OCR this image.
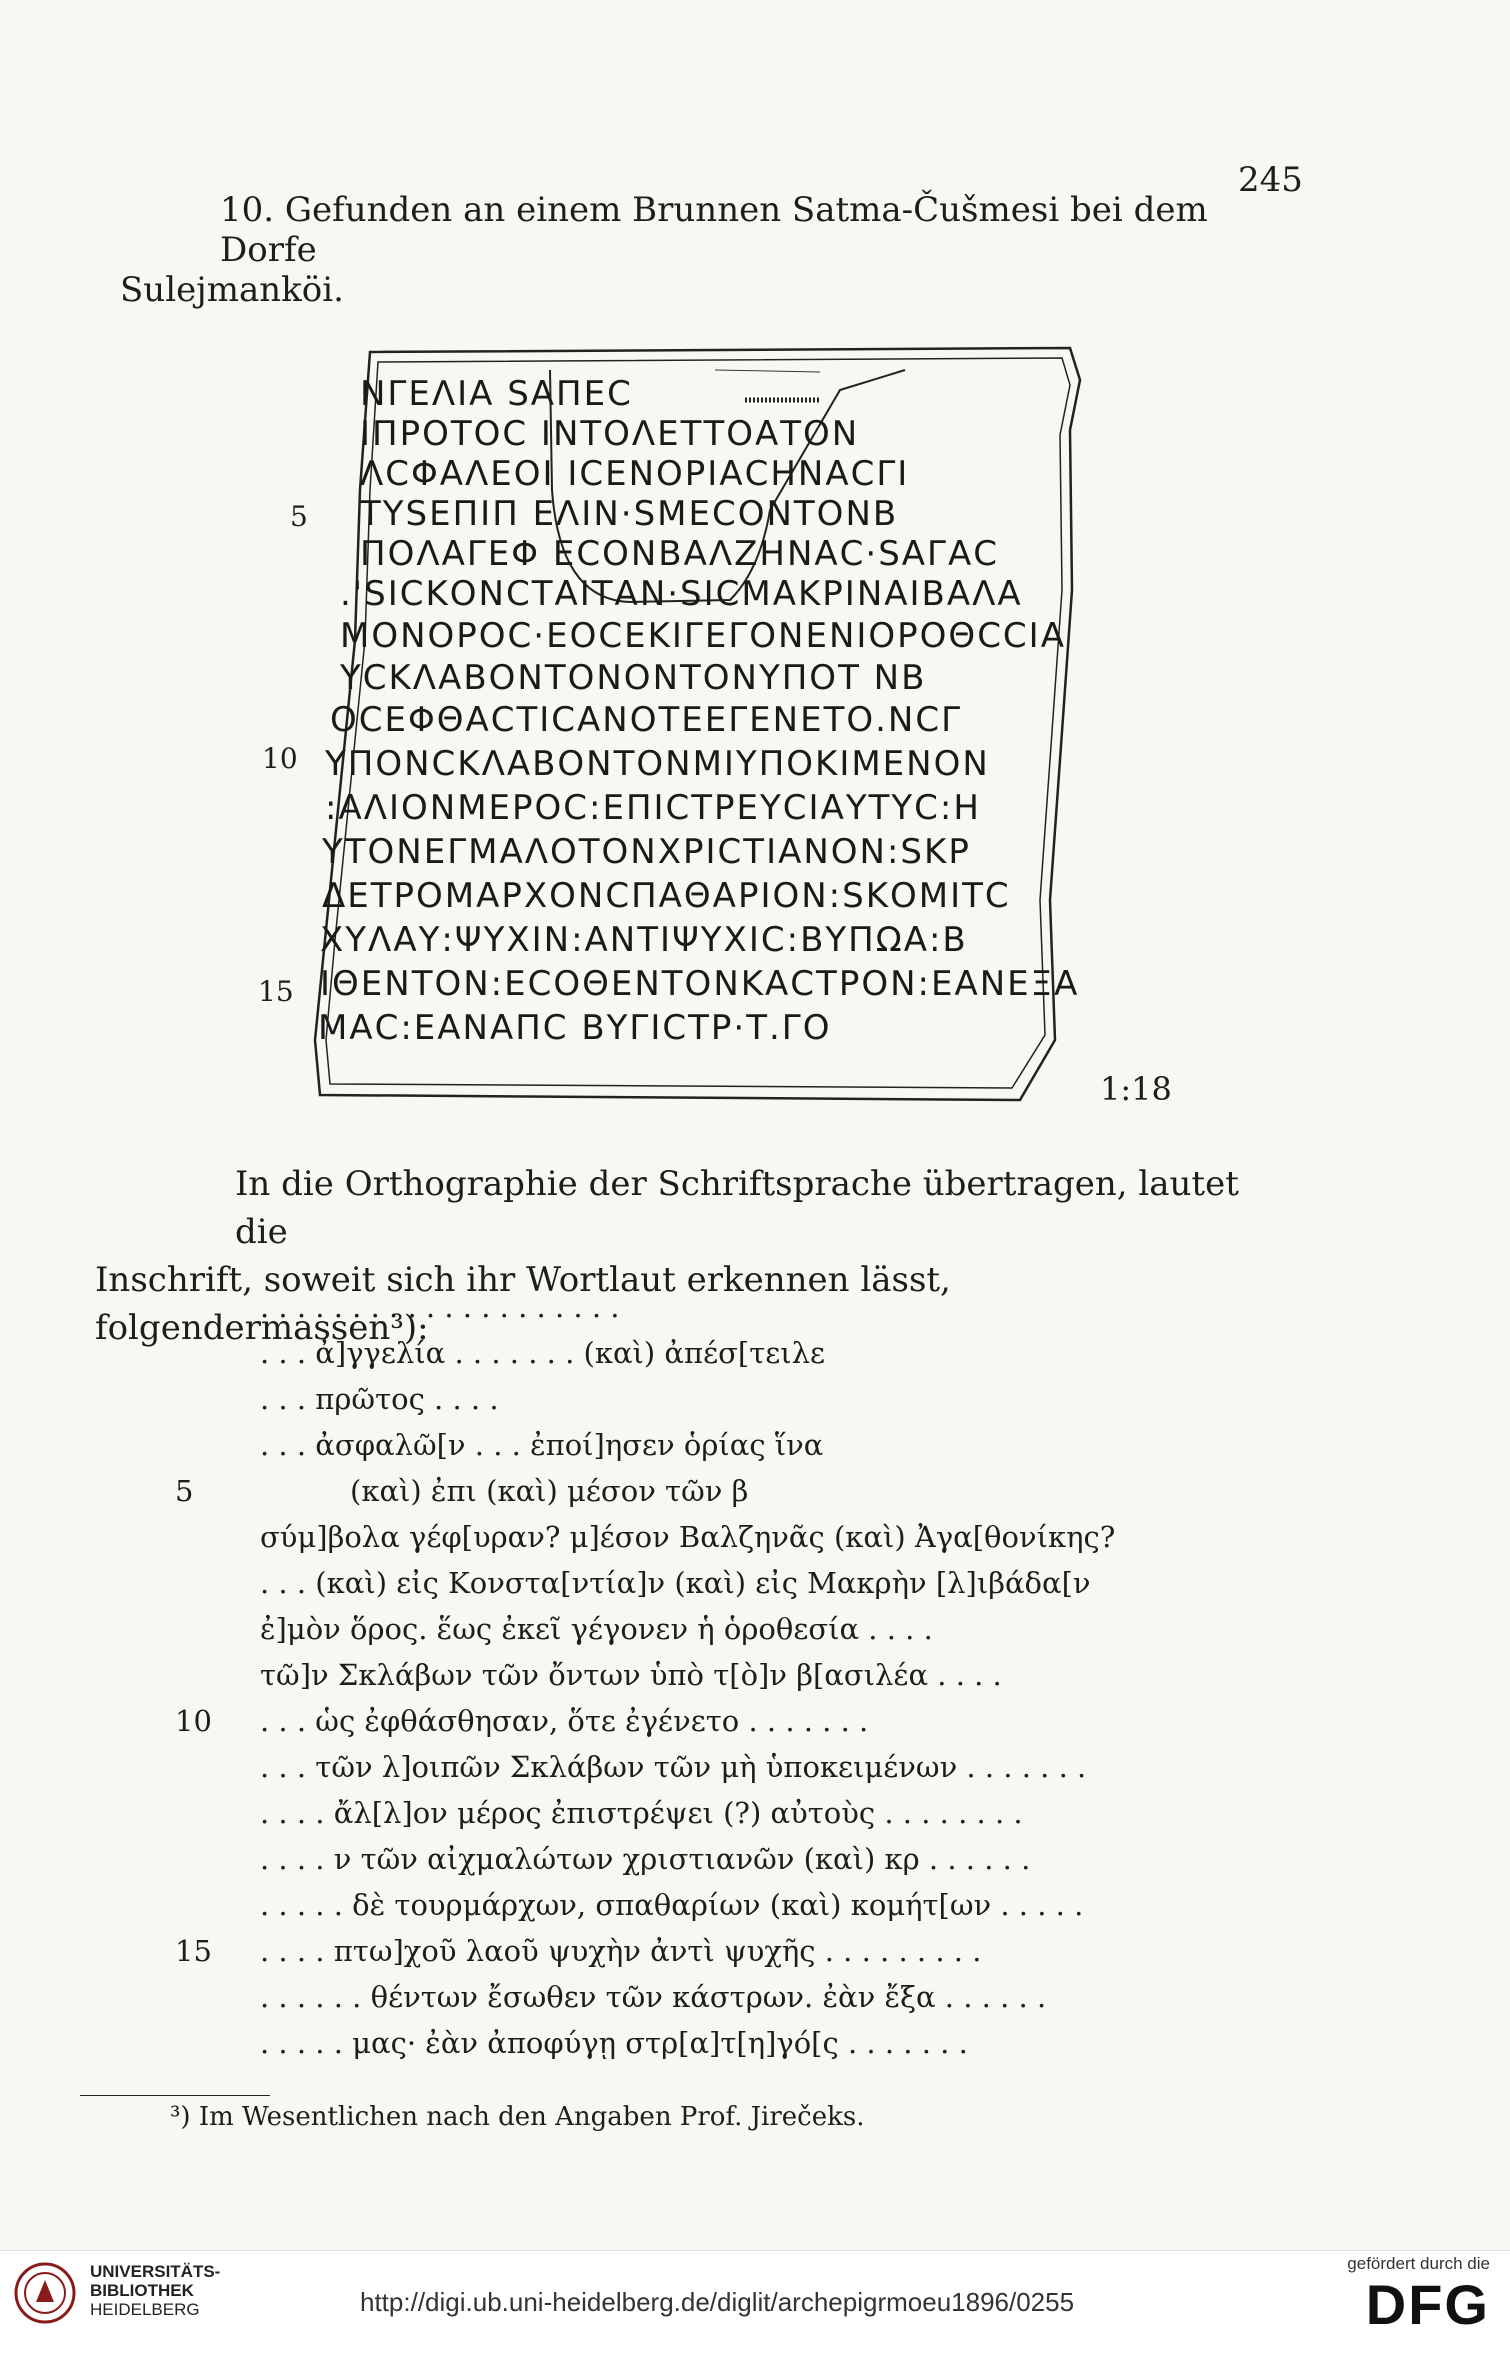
245

10. Gefunden an einem Brunnen Satma-Čušmesi bei dem Dorfe

Sulejmanköi.

5
10
15
ΝΓΕΛΙΑ SΑΠΕC
ΙΠΡΟΤΟC ΙΝΤΟΛΕΤΤΟΑΤΟΝ
ΛCΦΑΛΕΟΙ ΙCΕΝΟΡΙΑCΗΝΑCΓΙ
ΤΥSΕΠΙΠ ΕΛΙΝ·SΜΕCΟΝΤΟΝΒ
ΠΟΛΑΓΕΦ ΕCΟΝΒΑΛΖΗΝΑC·SΑΓΑC
.'SΙCΚΟΝCΤΑΙΤΑΝ·SΙCΜΑΚΡΙΝΑΙΒΑΛΑ
ΜΟΝΟΡΟC·ΕΟCΕΚΙΓΕΓΟΝΕΝΙΟΡΟΘCCΙΑ
ΥCΚΛΑΒΟΝΤΟΝΟΝΤΟΝΥΠΟΤ ΝΒ
ΟCΕΦΘΑCΤΙCΑΝΟΤΕΕΓΕΝΕΤΟ.ΝCΓ
ΥΠΟΝCΚΛΑΒΟΝΤΟΝΜΙΥΠΟΚΙΜΕΝΟΝ
:ΑΛΙΟΝΜΕΡΟC:ΕΠΙCΤΡΕΥCΙΑΥΤΥC:Η
ΥΤΟΝΕΓΜΑΛΟΤΟΝΧΡΙCΤΙΑΝΟΝ:SΚΡ
ΔΕΤΡΟΜΑΡΧΟΝCΠΑΘΑΡΙΟΝ:SΚΟΜΙΤC
ΧΥΛΑΥ:ΨΥΧΙΝ:ΑΝΤΙΨΥΧΙC:ΒΥΠΩΑ:Β
ΙΘΕΝΤΟΝ:ΕCΟΘΕΝΤΟΝΚΑCΤΡΟΝ:ΕΑΝΕΞΑ
ΜΑC:ΕΑΝΑΠC ΒΥΓΙCΤΡ·Τ.ΓΟ
1:18

In die Orthographie der Schriftsprache übertragen, lautet die

Inschrift, soweit sich ihr Wortlaut erkennen lässt, folgendermassen³):

. . . . . . . . . . . . . . . . . . . .
. . . ἀ]γγελία . . . . . . . (καὶ) ἀπέσ[τειλε
. . . πρῶτος . . . .
. . . ἀσφαλῶ[ν . . . ἐποί]ησεν ὁρίας ἵνα
(καὶ) ἐπι (καὶ) μέσον τῶν β
σύμ]βολα γέφ[υραν? μ]έσον Βαλζηνᾶς (καὶ) Ἀγα[θονίκης?
. . . (καὶ) εἰς Κονστα[ντία]ν (καὶ) εἰς Μακρὴν [λ]ιβάδα[ν
ἐ]μὸν ὅρος. ἕως ἐκεῖ γέγονεν ἡ ὁροθεσία . . . .
τῶ]ν Σκλάβων τῶν ὄντων ὑπὸ τ[ὸ]ν β[ασιλέα . . . .
. . . ὡς ἐφθάσθησαν, ὅτε ἐγένετο . . . . . . .
. . . τῶν λ]οιπῶν Σκλάβων τῶν μὴ ὑποκειμένων . . . . . . .
. . . . ἄλ[λ]ον μέρος ἐπιστρέψει (?) αὐτοὺς . . . . . . . .
. . . . ν τῶν αἰχμαλώτων χριστιανῶν (καὶ) κρ . . . . . .
. . . . . δὲ τουρμάρχων, σπαθαρίων (καὶ) κομήτ[ων . . . . .
. . . . πτω]χοῦ λαοῦ ψυχὴν ἀντὶ ψυχῆς . . . . . . . . .
. . . . . . θέντων ἔσωθεν τῶν κάστρων. ἐὰν ἔξα . . . . . .
. . . . . μας· ἐὰν ἀποφύγῃ στρ[α]τ[η]γό[ς . . . . . . .
5
10
15
³) Im Wesentlichen nach den Angaben Prof. Jirečeks.
UNIVERSITÄTS-
BIBLIOTHEK
HEIDELBERG	http://digi.ub.uni-heidelberg.de/diglit/archepigrmoeu1896/0255
gefördert durch die
DFG
